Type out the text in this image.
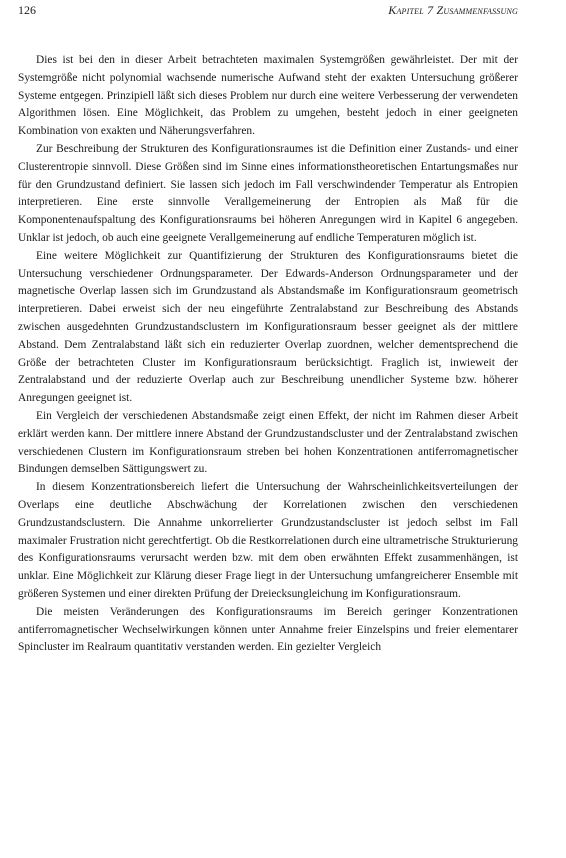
126	Kapitel 7 Zusammenfassung

Dies ist bei den in dieser Arbeit betrachteten maximalen Systemgrößen gewährleistet. Der mit der Systemgröße nicht polynomial wachsende numerische Aufwand steht der exakten Untersuchung größerer Systeme entgegen. Prinzipiell läßt sich dieses Problem nur durch eine weitere Verbesserung der verwendeten Algorithmen lösen. Eine Möglichkeit, das Problem zu umgehen, besteht jedoch in einer geeigneten Kombination von exakten und Näherungsverfahren.

Zur Beschreibung der Strukturen des Konfigurationsraumes ist die Definition einer Zustands- und einer Clusterentropie sinnvoll. Diese Größen sind im Sinne eines informationstheoretischen Entartungsmaßes nur für den Grundzustand definiert. Sie lassen sich jedoch im Fall verschwindender Temperatur als Entropien interpretieren. Eine erste sinnvolle Verallgemeinerung der Entropien als Maß für die Komponentenaufspaltung des Konfigurationsraums bei höheren Anregungen wird in Kapitel 6 angegeben. Unklar ist jedoch, ob auch eine geeignete Verallgemeinerung auf endliche Temperaturen möglich ist.

Eine weitere Möglichkeit zur Quantifizierung der Strukturen des Konfigurationsraums bietet die Untersuchung verschiedener Ordnungsparameter. Der Edwards-Anderson Ordnungsparameter und der magnetische Overlap lassen sich im Grundzustand als Abstandsmaße im Konfigurationsraum geometrisch interpretieren. Dabei erweist sich der neu eingeführte Zentralabstand zur Beschreibung des Abstands zwischen ausgedehnten Grundzustandsclustern im Konfigurationsraum besser geeignet als der mittlere Abstand. Dem Zentralabstand läßt sich ein reduzierter Overlap zuordnen, welcher dementsprechend die Größe der betrachteten Cluster im Konfigurationsraum berücksichtigt. Fraglich ist, inwieweit der Zentralabstand und der reduzierte Overlap auch zur Beschreibung unendlicher Systeme bzw. höherer Anregungen geeignet ist.

Ein Vergleich der verschiedenen Abstandsmaße zeigt einen Effekt, der nicht im Rahmen dieser Arbeit erklärt werden kann. Der mittlere innere Abstand der Grundzustandscluster und der Zentralabstand zwischen verschiedenen Clustern im Konfigurationsraum streben bei hohen Konzentrationen antiferromagnetischer Bindungen demselben Sättigungswert zu.

In diesem Konzentrationsbereich liefert die Untersuchung der Wahrscheinlichkeitsverteilungen der Overlaps eine deutliche Abschwächung der Korrelationen zwischen den verschiedenen Grundzustandsclustern. Die Annahme unkorrelierter Grundzustandscluster ist jedoch selbst im Fall maximaler Frustration nicht gerechtfertigt. Ob die Restkorrelationen durch eine ultrametrische Strukturierung des Konfigurationsraums verursacht werden bzw. mit dem oben erwähnten Effekt zusammenhängen, ist unklar. Eine Möglichkeit zur Klärung dieser Frage liegt in der Untersuchung umfangreicherer Ensemble mit größeren Systemen und einer direkten Prüfung der Dreiecksungleichung im Konfigurationsraum.

Die meisten Veränderungen des Konfigurationsraums im Bereich geringer Konzentrationen antiferromagnetischer Wechselwirkungen können unter Annahme freier Einzelspins und freier elementarer Spincluster im Realraum quantitativ verstanden werden. Ein gezielter Vergleich
